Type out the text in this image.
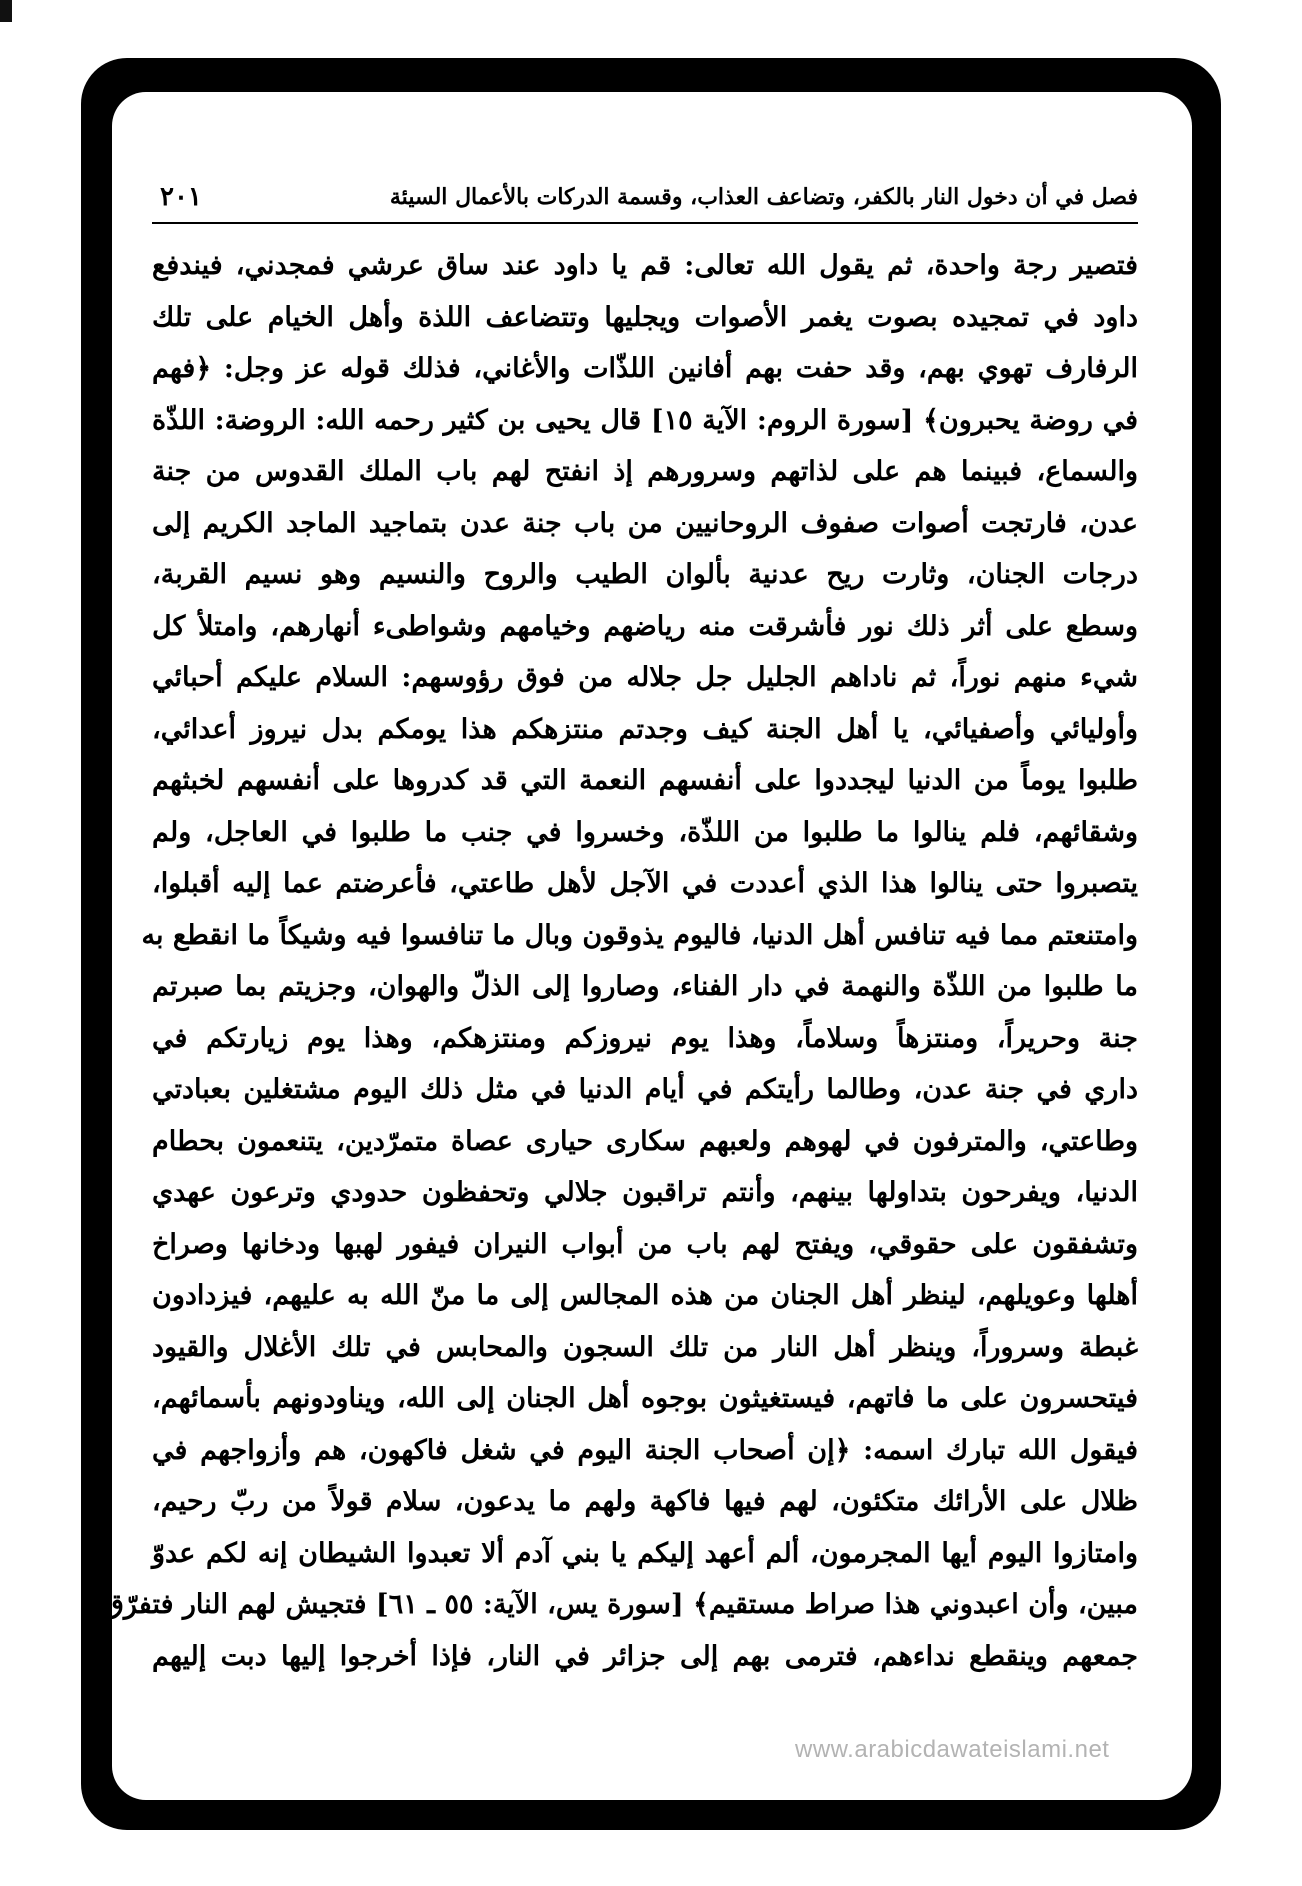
فصل في أن دخول النار بالكفر، وتضاعف العذاب، وقسمة الدركات بالأعمال السيئة
٢٠١
فتصير رجة واحدة، ثم يقول الله تعالى: قم يا داود عند ساق عرشي فمجدني، فيندفع
داود في تمجيده بصوت يغمر الأصوات ويجليها وتتضاعف اللذة وأهل الخيام على تلك
الرفارف تهوي بهم، وقد حفت بهم أفانين اللذّات والأغاني، فذلك قوله عز وجل: ﴿فهم
في روضة يحبرون﴾ [سورة الروم: الآية ١٥] قال يحيى بن كثير رحمه الله: الروضة: اللذّة
والسماع، فبينما هم على لذاتهم وسرورهم إذ انفتح لهم باب الملك القدوس من جنة
عدن، فارتجت أصوات صفوف الروحانيين من باب جنة عدن بتماجيد الماجد الكريم إلى
درجات الجنان، وثارت ريح عدنية بألوان الطيب والروح والنسيم وهو نسيم القربة،
وسطع على أثر ذلك نور فأشرقت منه رياضهم وخيامهم وشواطىء أنهارهم، وامتلأ كل
شيء منهم نوراً، ثم ناداهم الجليل جل جلاله من فوق رؤوسهم: السلام عليكم أحبائي
وأوليائي وأصفيائي، يا أهل الجنة كيف وجدتم منتزهكم هذا يومكم بدل نيروز أعدائي،
طلبوا يوماً من الدنيا ليجددوا على أنفسهم النعمة التي قد كدروها على أنفسهم لخبثهم
وشقائهم، فلم ينالوا ما طلبوا من اللذّة، وخسروا في جنب ما طلبوا في العاجل، ولم
يتصبروا حتى ينالوا هذا الذي أعددت في الآجل لأهل طاعتي، فأعرضتم عما إليه أقبلوا،
وامتنعتم مما فيه تنافس أهل الدنيا، فاليوم يذوقون وبال ما تنافسوا فيه وشيكاً ما انقطع به
ما طلبوا من اللذّة والنهمة في دار الفناء، وصاروا إلى الذلّ والهوان، وجزيتم بما صبرتم
جنة وحريراً، ومنتزهاً وسلاماً، وهذا يوم نيروزكم ومنتزهكم، وهذا يوم زيارتكم في
داري في جنة عدن، وطالما رأيتكم في أيام الدنيا في مثل ذلك اليوم مشتغلين بعبادتي
وطاعتي، والمترفون في لهوهم ولعبهم سكارى حيارى عصاة متمرّدين، يتنعمون بحطام
الدنيا، ويفرحون بتداولها بينهم، وأنتم تراقبون جلالي وتحفظون حدودي وترعون عهدي
وتشفقون على حقوقي، ويفتح لهم باب من أبواب النيران فيفور لهبها ودخانها وصراخ
أهلها وعويلهم، لينظر أهل الجنان من هذه المجالس إلى ما منّ الله به عليهم، فيزدادون
غبطة وسروراً، وينظر أهل النار من تلك السجون والمحابس في تلك الأغلال والقيود
فيتحسرون على ما فاتهم، فيستغيثون بوجوه أهل الجنان إلى الله، ويناودونهم بأسمائهم،
فيقول الله تبارك اسمه: ﴿إن أصحاب الجنة اليوم في شغل فاكهون، هم وأزواجهم في
ظلال على الأرائك متكئون، لهم فيها فاكهة ولهم ما يدعون، سلام قولاً من ربّ رحيم،
وامتازوا اليوم أيها المجرمون، ألم أعهد إليكم يا بني آدم ألا تعبدوا الشيطان إنه لكم عدوّ
مبين، وأن اعبدوني هذا صراط مستقيم﴾ [سورة يس، الآية: ٥٥ ـ ٦١] فتجيش لهم النار فتفرّق
جمعهم وينقطع نداءهم، فترمى بهم إلى جزائر في النار، فإذا أخرجوا إليها دبت إليهم
www.arabicdawateislami.net
